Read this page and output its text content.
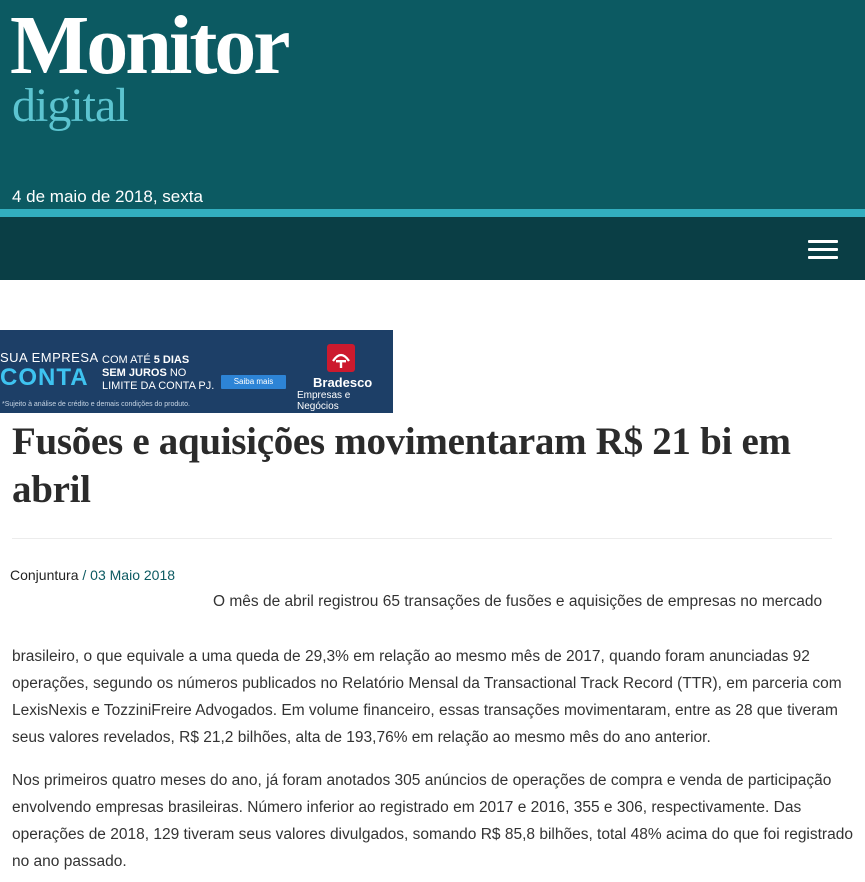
Monitor
digital
4 de maio de 2018, sexta
SUA EMPRESA
CONTA
COM ATÉ 5 DIAS
SEM JUROS NO
LIMITE DA CONTA PJ.	Saiba mais	Bradesco
Empresas e Negócios
*Sujeito à análise de crédito e demais condições do produto.
Fusões e aquisições movimentaram R$ 21 bi em abril
Conjuntura / 03 Maio 2018
O mês de abril registrou 65 transações de fusões e aquisições de empresas no mercado

brasileiro, o que equivale a uma queda de 29,3% em relação ao mesmo mês de 2017, quando foram anunciadas 92 operações, segundo os números publicados no Relatório Mensal da Transactional Track Record (TTR), em parceria com LexisNexis e TozziniFreire Advogados. Em volume financeiro, essas transações movimentaram, entre as 28 que tiveram seus valores revelados, R$ 21,2 bilhões, alta de 193,76% em relação ao mesmo mês do ano anterior.

Nos primeiros quatro meses do ano, já foram anotados 305 anúncios de operações de compra e venda de participação envolvendo empresas brasileiras. Número inferior ao registrado em 2017 e 2016, 355 e 306, respectivamente. Das operações de 2018, 129 tiveram seus valores divulgados, somando R$ 85,8 bilhões, total 48% acima do que foi registrado no ano passado.
